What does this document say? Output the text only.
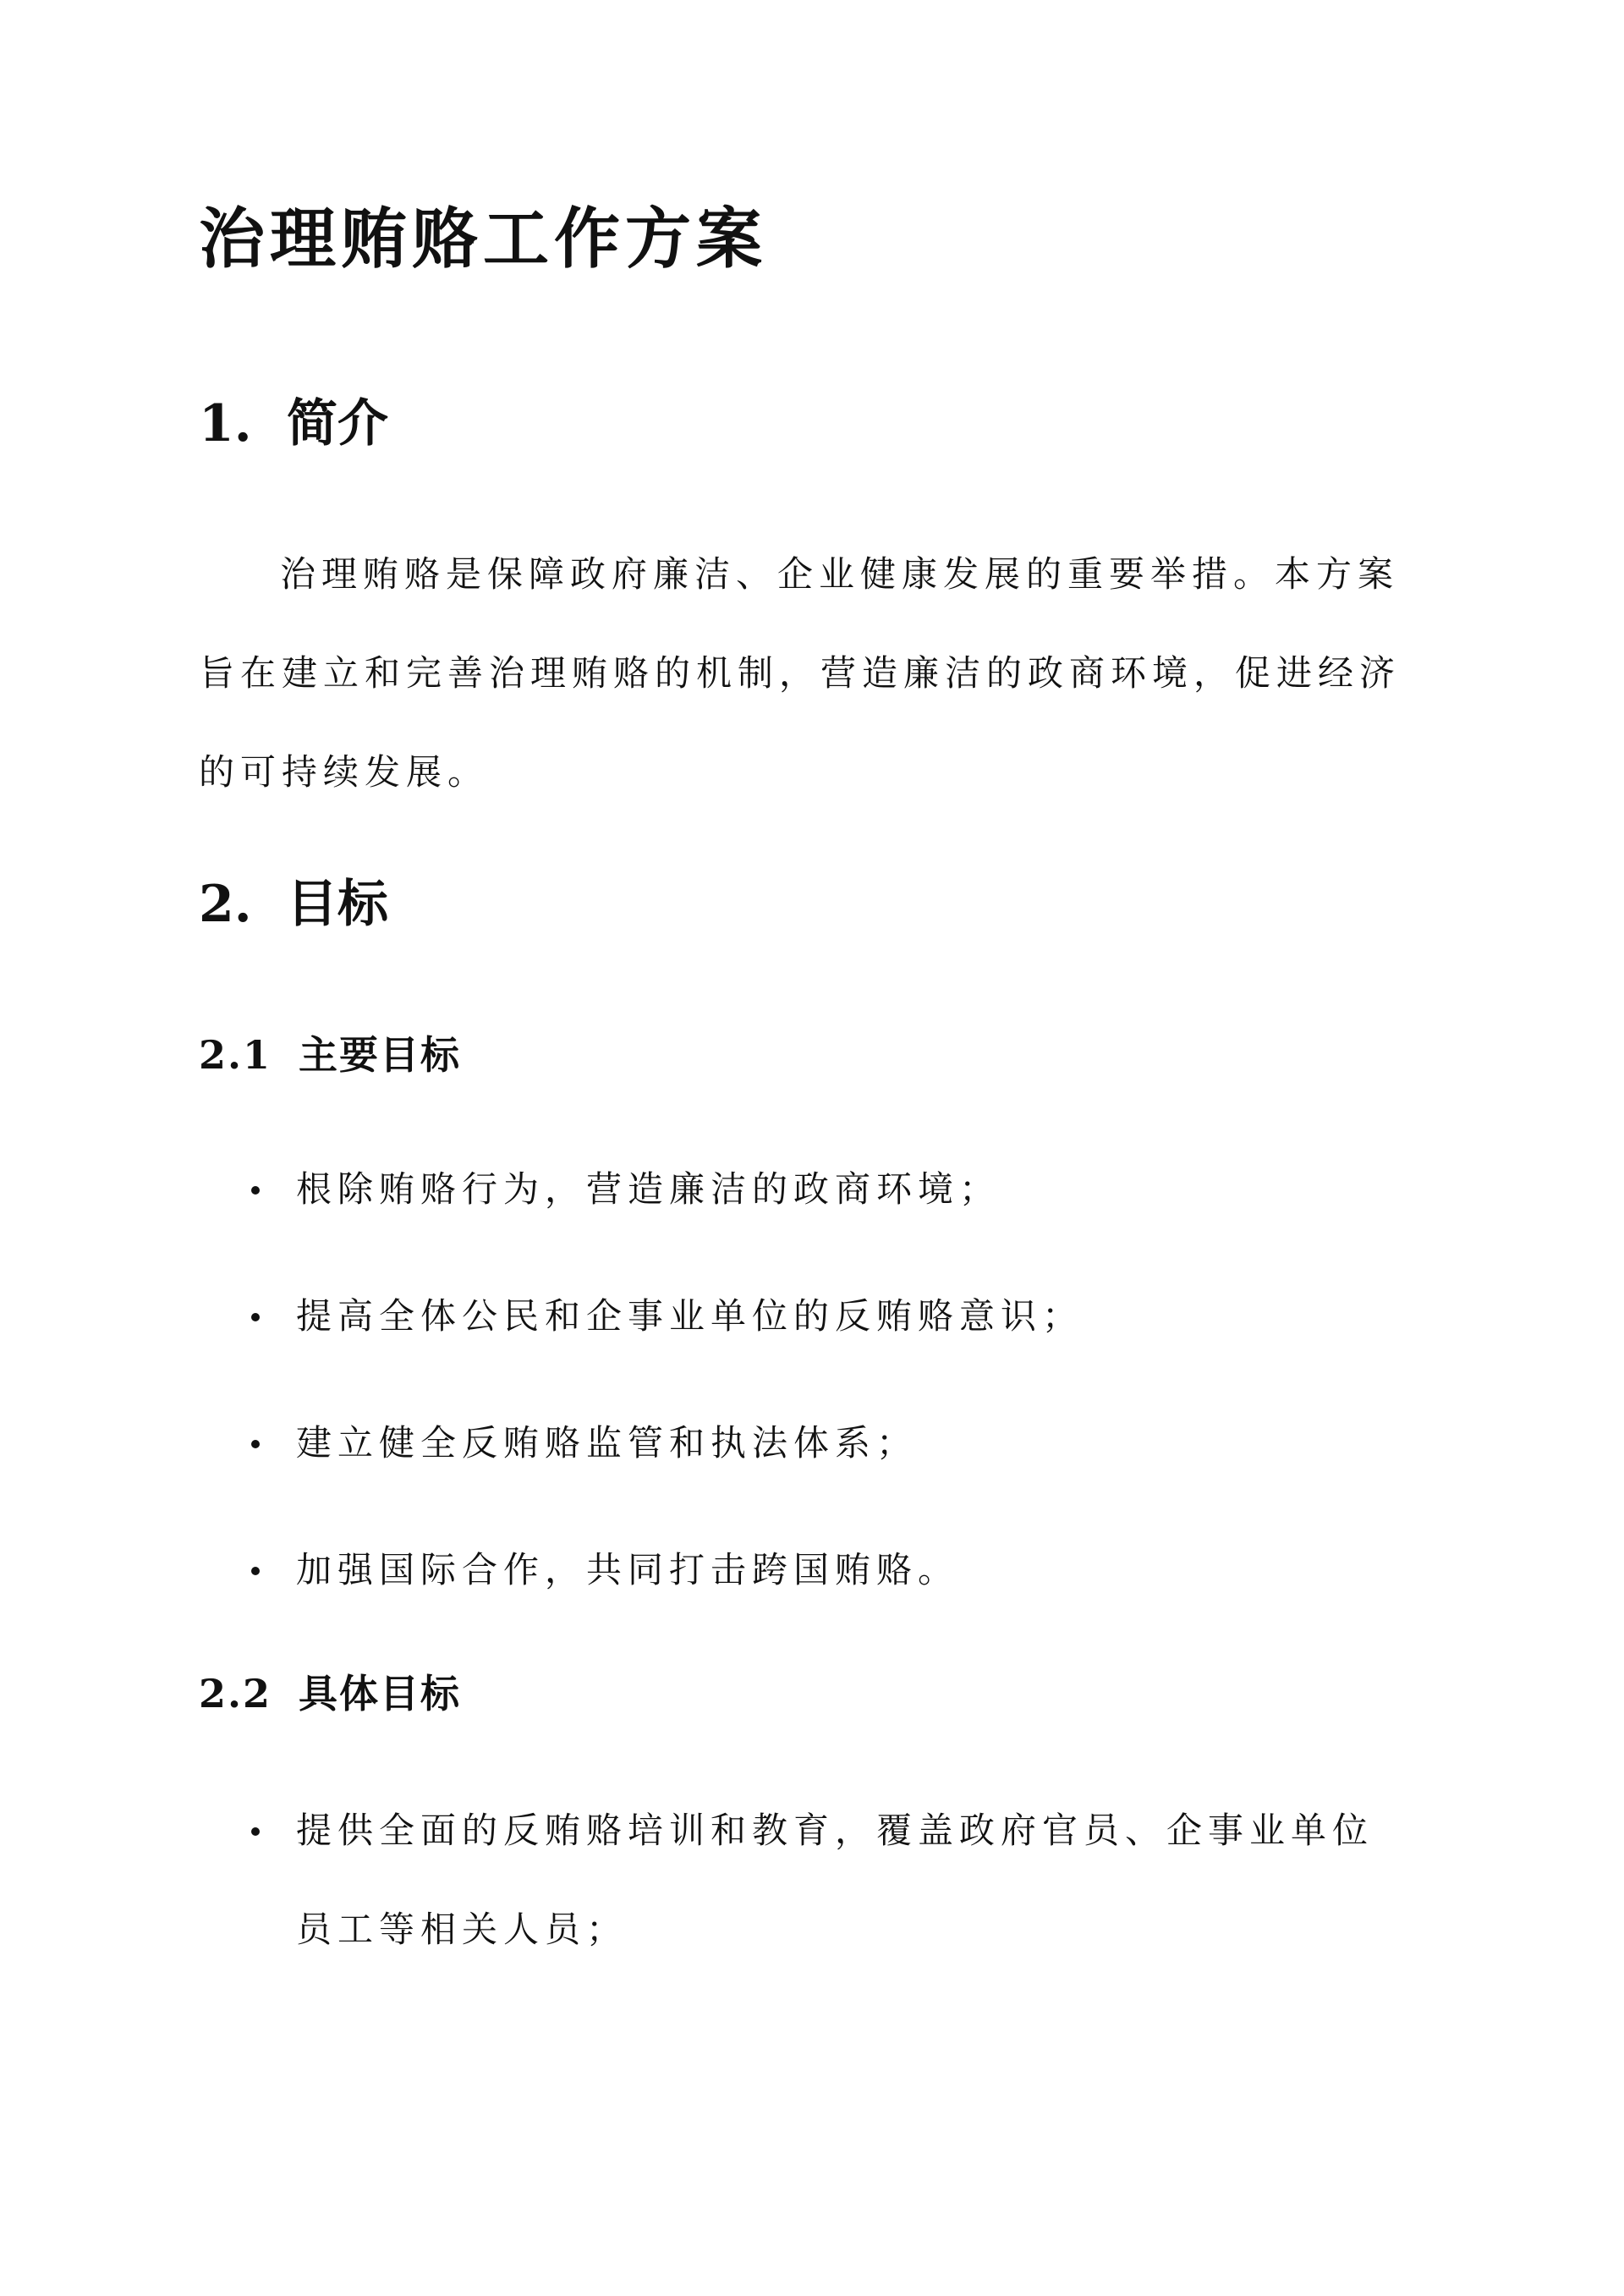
治理贿赂工作方案
1. 简介
治理贿赂是保障政府廉洁、企业健康发展的重要举措。本方案
旨在建立和完善治理贿赂的机制，营造廉洁的政商环境，促进经济
的可持续发展。
2. 目标
2.1 主要目标
根除贿赂行为，营造廉洁的政商环境；
提高全体公民和企事业单位的反贿赂意识；
建立健全反贿赂监管和执法体系；
加强国际合作，共同打击跨国贿赂。
2.2 具体目标
提供全面的反贿赂培训和教育，覆盖政府官员、企事业单位
员工等相关人员；
